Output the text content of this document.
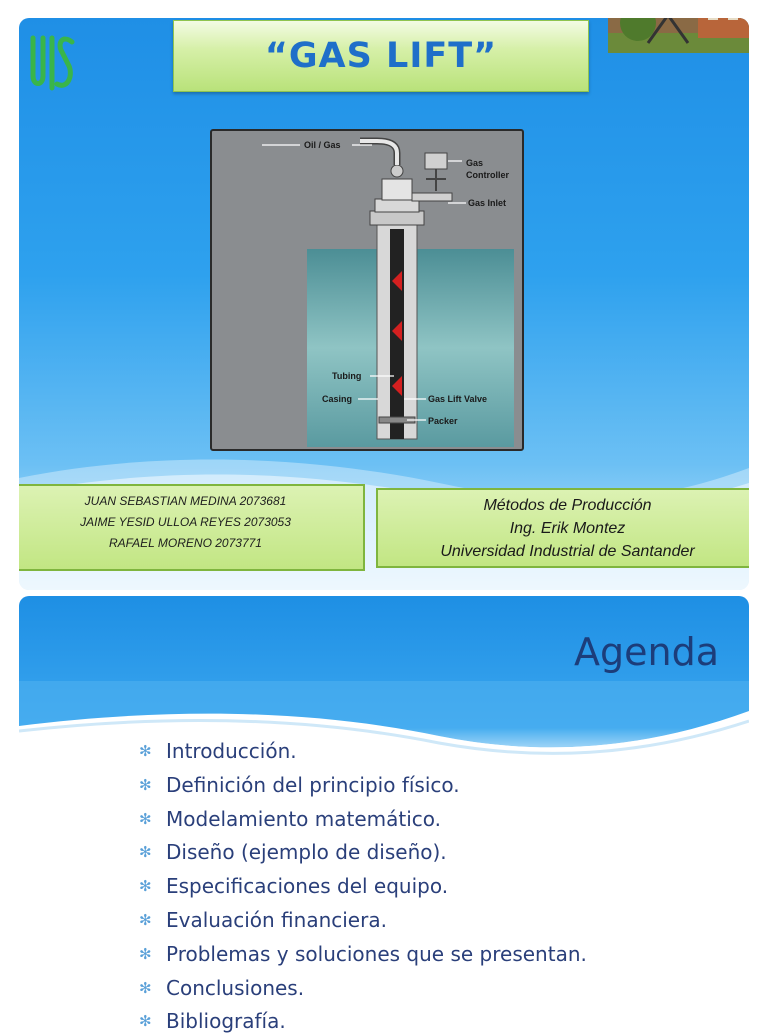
“GAS LIFT”
Oil / Gas
Gas
Controller
Gas Inlet
Tubing
Casing	Gas Lift Valve
Packer
JUAN SEBASTIAN MEDINA 2073681
JAIME YESID ULLOA REYES 2073053
RAFAEL MORENO 2073771
Métodos de Producción
Ing. Erik Montez
Universidad Industrial de Santander
Agenda
✻ Introducción.
✻ Definición del principio físico.
✻ Modelamiento matemático.
✻ Diseño (ejemplo de diseño).
✻ Especificaciones del equipo.
✻ Evaluación financiera.
✻ Problemas y soluciones que se presentan.
✻ Conclusiones.
✻ Bibliografía.
